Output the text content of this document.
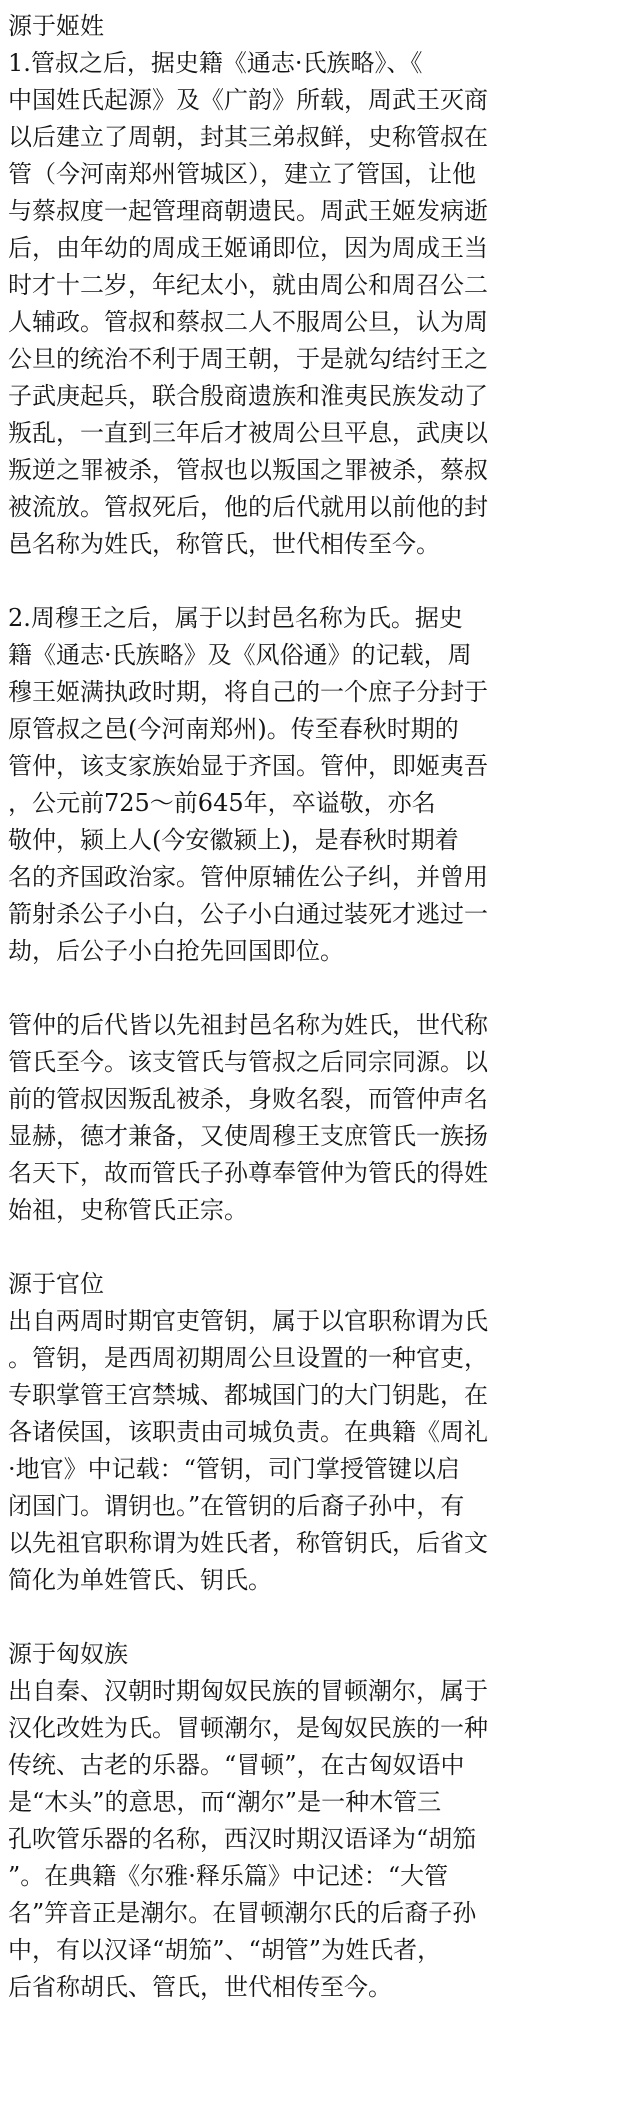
源于姬姓

1.管叔之后，据史籍《通志·氏族略》、《

中国姓氏起源》及《广韵》所载，周武王灭商

以后建立了周朝，封其三弟叔鲜，史称管叔在

管（今河南郑州管城区），建立了管国，让他

与蔡叔度一起管理商朝遗民。周武王姬发病逝

后，由年幼的周成王姬诵即位，因为周成王当

时才十二岁，年纪太小，就由周公和周召公二

人辅政。管叔和蔡叔二人不服周公旦，认为周

公旦的统治不利于周王朝，于是就勾结纣王之

子武庚起兵，联合殷商遗族和淮夷民族发动了

叛乱，一直到三年后才被周公旦平息，武庚以

叛逆之罪被杀，管叔也以叛国之罪被杀，蔡叔

被流放。管叔死后，他的后代就用以前他的封

邑名称为姓氏，称管氏，世代相传至今。

2.周穆王之后，属于以封邑名称为氏。据史

籍《通志·氏族略》及《风俗通》的记载，周

穆王姬满执政时期，将自己的一个庶子分封于

原管叔之邑(今河南郑州)。传至春秋时期的

管仲，该支家族始显于齐国。管仲，即姬夷吾

，公元前725～前645年，卒谥敬，亦名

敬仲，颍上人(今安徽颍上)，是春秋时期着

名的齐国政治家。管仲原辅佐公子纠，并曾用

箭射杀公子小白，公子小白通过装死才逃过一

劫，后公子小白抢先回国即位。

管仲的后代皆以先祖封邑名称为姓氏，世代称

管氏至今。该支管氏与管叔之后同宗同源。以

前的管叔因叛乱被杀，身败名裂，而管仲声名

显赫，德才兼备，又使周穆王支庶管氏一族扬

名天下，故而管氏子孙尊奉管仲为管氏的得姓

始祖，史称管氏正宗。

源于官位

出自两周时期官吏管钥，属于以官职称谓为氏

。管钥，是西周初期周公旦设置的一种官吏，

专职掌管王宫禁城、都城国门的大门钥匙，在

各诸侯国，该职责由司城负责。在典籍《周礼

·地官》中记载：“管钥，司门掌授管键以启

闭国门。谓钥也。”在管钥的后裔子孙中，有

以先祖官职称谓为姓氏者，称管钥氏，后省文

简化为单姓管氏、钥氏。

源于匈奴族

出自秦、汉朝时期匈奴民族的冒顿潮尔，属于

汉化改姓为氏。冒顿潮尔，是匈奴民族的一种

传统、古老的乐器。“冒顿”，在古匈奴语中

是“木头”的意思，而“潮尔”是一种木管三

孔吹管乐器的名称，西汉时期汉语译为“胡笳

”。在典籍《尔雅·释乐篇》中记述：“大管

名”笄音正是潮尔。在冒顿潮尔氏的后裔子孙

中，有以汉译“胡笳”、“胡管”为姓氏者，

后省称胡氏、管氏，世代相传至今。
